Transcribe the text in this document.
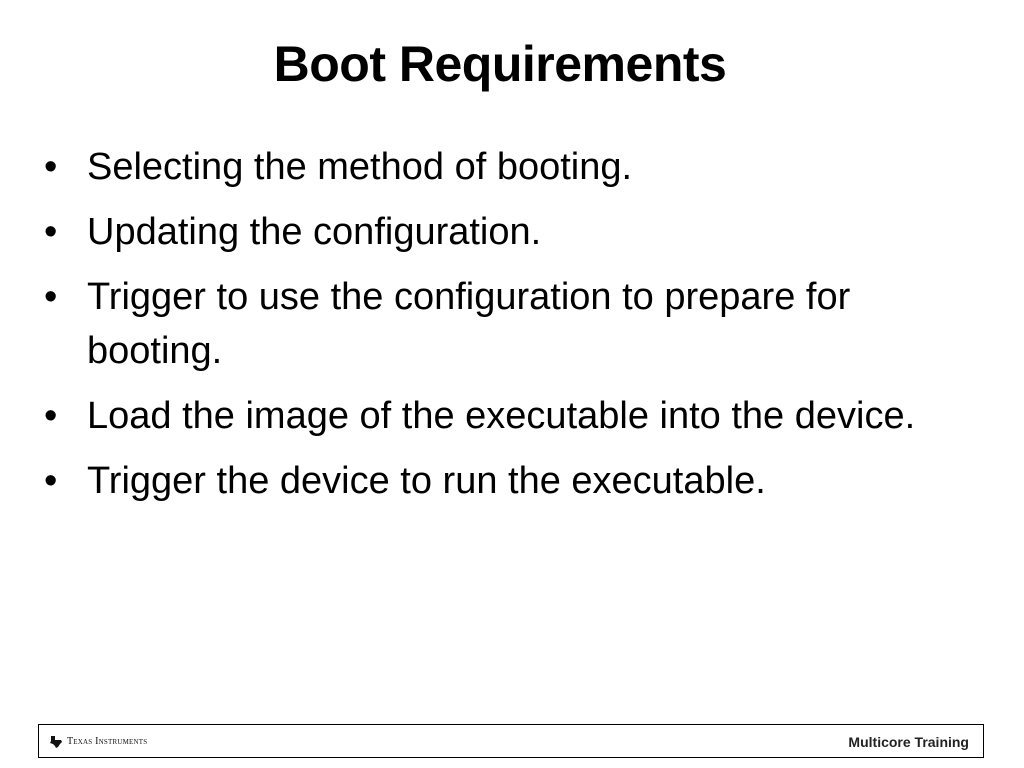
Boot Requirements
• Selecting the method of booting.
• Updating the configuration.
• Trigger to use the configuration to prepare for booting.
• Load the image of the executable into the device.
• Trigger the device to run the executable.
Texas Instruments	Multicore Training
